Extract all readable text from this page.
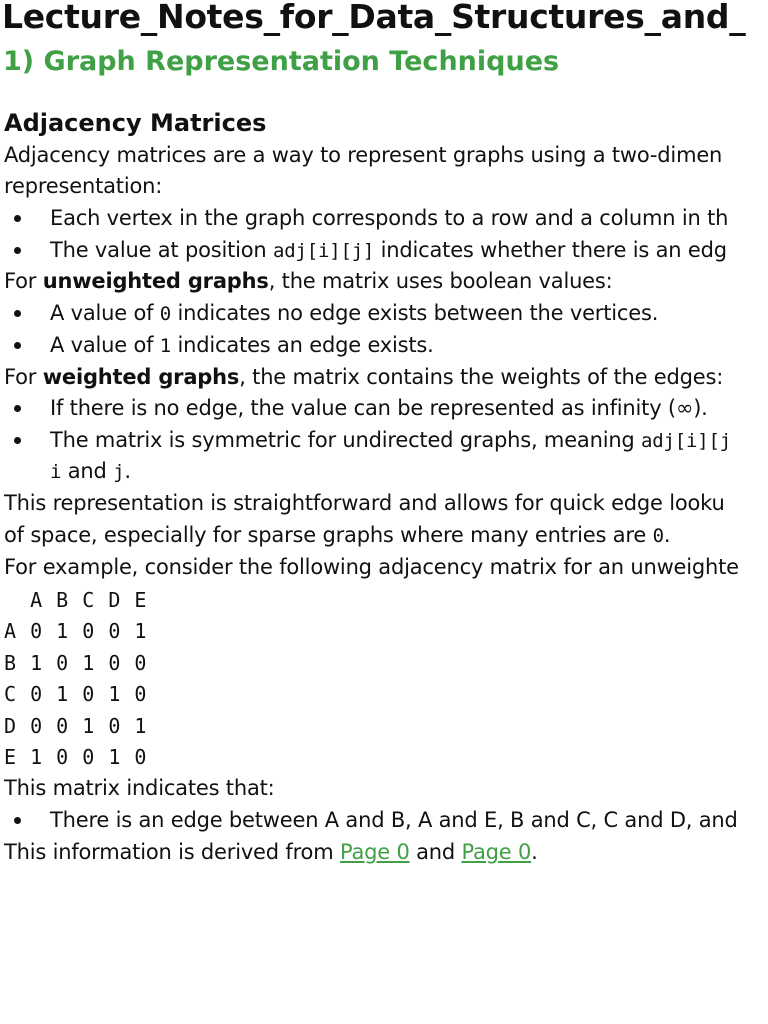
Lecture_Notes_for_Data_Structures_and_
1) Graph Representation Techniques
Adjacency Matrices
Adjacency matrices are a way to represent graphs using a two-dimen
representation:
Each vertex in the graph corresponds to a row and a column in th
The value at position adj[i][j] indicates whether there is an edg
For unweighted graphs, the matrix uses boolean values:
A value of 0 indicates no edge exists between the vertices.
A value of 1 indicates an edge exists.
For weighted graphs, the matrix contains the weights of the edges:
If there is no edge, the value can be represented as infinity (∞).
The matrix is symmetric for undirected graphs, meaning adj[i][j
i and j.
This representation is straightforward and allows for quick edge looku
of space, especially for sparse graphs where many entries are 0.
For example, consider the following adjacency matrix for an unweighte
A B C D E
A 0 1 0 0 1
B 1 0 1 0 0
C 0 1 0 1 0
D 0 0 1 0 1
E 1 0 0 1 0
This matrix indicates that:
There is an edge between A and B, A and E, B and C, C and D, and
This information is derived from Page 0 and Page 0.
